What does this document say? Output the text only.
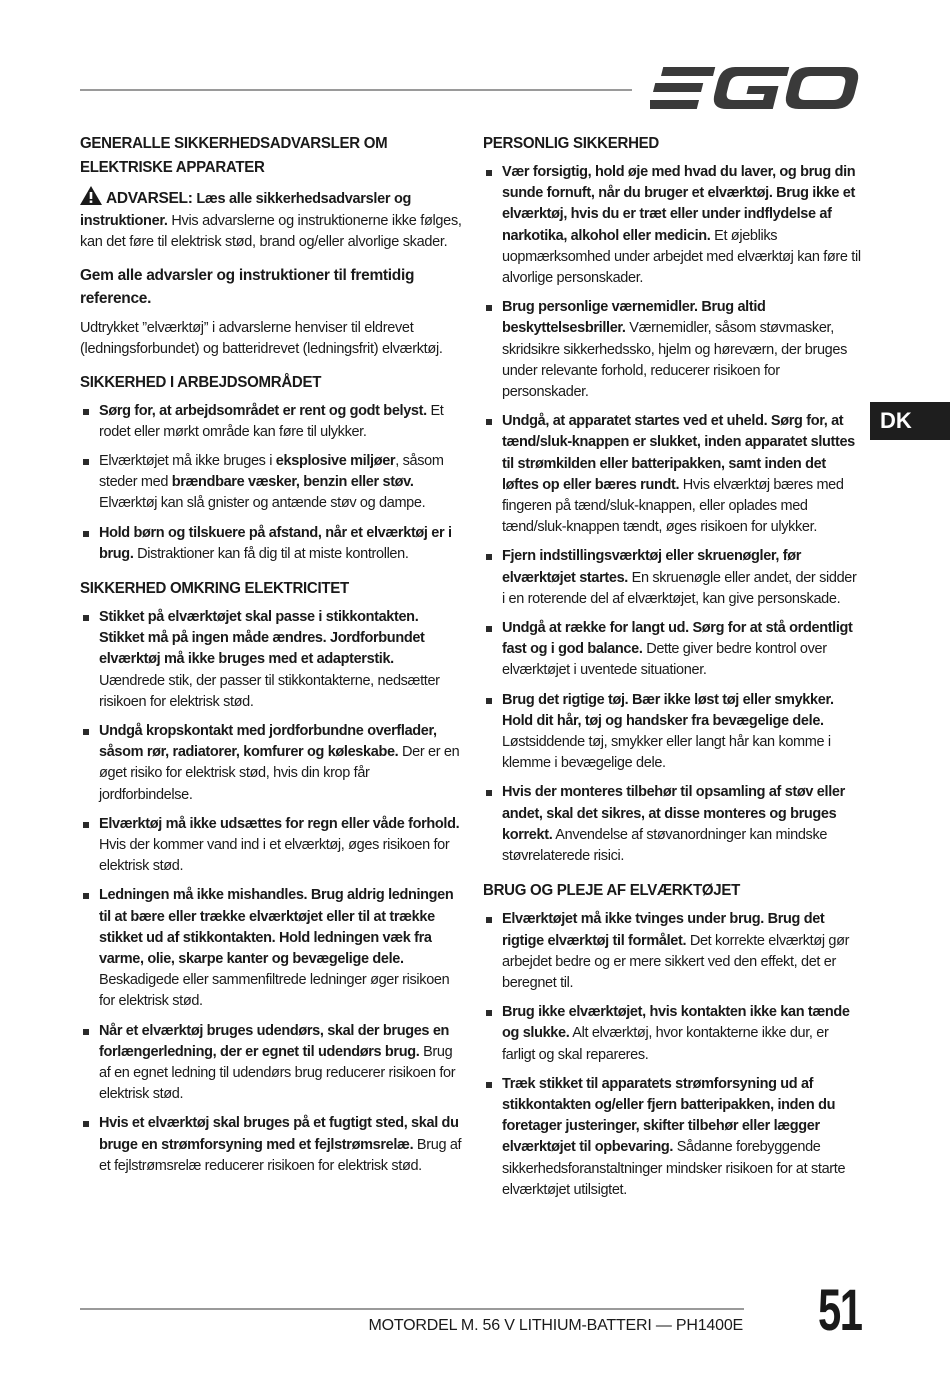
GENERALLE SIKKERHEDSADVARSLER OM ELEKTRISKE APPARATER

ADVARSEL: Læs alle sikkerhedsadvarsler og instruktioner. Hvis advarslerne og instruktionerne ikke følges, kan det føre til elektrisk stød, brand og/eller alvorlige skader.

Gem alle advarsler og instruktioner til fremtidig reference.

Udtrykket ”elværktøj” i advarslerne henviser til eldrevet (ledningsforbundet) og batteridrevet (ledningsfrit) elværktøj.

SIKKERHED I ARBEJDSOMRÅDET
Sørg for, at arbejdsområdet er rent og godt belyst. Et rodet eller mørkt område kan føre til ulykker.
Elværktøjet må ikke bruges i eksplosive miljøer, såsom steder med brændbare væsker, benzin eller støv. Elværktøj kan slå gnister og antænde støv og dampe.
Hold børn og tilskuere på afstand, når et elværktøj er i brug. Distraktioner kan få dig til at miste kontrollen.
SIKKERHED OMKRING ELEKTRICITET
Stikket på elværktøjet skal passe i stikkontakten. Stikket må på ingen måde ændres. Jordforbundet elværktøj må ikke bruges med et adapterstik. Uændrede stik, der passer til stikkontakterne, nedsætter risikoen for elektrisk stød.
Undgå kropskontakt med jordforbundne overflader, såsom rør, radiatorer, komfurer og køleskabe. Der er en øget risiko for elektrisk stød, hvis din krop får jordforbindelse.
Elværktøj må ikke udsættes for regn eller våde forhold. Hvis der kommer vand ind i et elværktøj, øges risikoen for elektrisk stød.
Ledningen må ikke mishandles. Brug aldrig ledningen til at bære eller trække elværktøjet eller til at trække stikket ud af stikkontakten. Hold ledningen væk fra varme, olie, skarpe kanter og bevægelige dele. Beskadigede eller sammenfiltrede ledninger øger risikoen for elektrisk stød.
Når et elværktøj bruges udendørs, skal der bruges en forlængerledning, der er egnet til udendørs brug. Brug af en egnet ledning til udendørs brug reducerer risikoen for elektrisk stød.
Hvis et elværktøj skal bruges på et fugtigt sted, skal du bruge en strømforsyning med et fejlstrømsrelæ. Brug af et fejlstrømsrelæ reducerer risikoen for elektrisk stød.
PERSONLIG SIKKERHED
Vær forsigtig, hold øje med hvad du laver, og brug din sunde fornuft, når du bruger et elværktøj. Brug ikke et elværktøj, hvis du er træt eller under indflydelse af narkotika, alkohol eller medicin. Et øjebliks uopmærksomhed under arbejdet med elværktøj kan føre til alvorlige personskader.
Brug personlige værnemidler. Brug altid beskyttelsesbriller. Værnemidler, såsom støvmasker, skridsikre sikkerhedssko, hjelm og høreværn, der bruges under relevante forhold, reducerer risikoen for personskader.
Undgå, at apparatet startes ved et uheld. Sørg for, at tænd/sluk-knappen er slukket, inden apparatet sluttes til strømkilden eller batteripakken, samt inden det løftes op eller bæres rundt. Hvis elværktøj bæres med fingeren på tænd/sluk-knappen, eller oplades med tænd/sluk-knappen tændt, øges risikoen for ulykker.
Fjern indstillingsværktøj eller skruenøgler, før elværktøjet startes. En skruenøgle eller andet, der sidder i en roterende del af elværktøjet, kan give personskade.
Undgå at række for langt ud. Sørg for at stå ordentligt fast og i god balance. Dette giver bedre kontrol over elværktøjet i uventede situationer.
Brug det rigtige tøj. Bær ikke løst tøj eller smykker. Hold dit hår, tøj og handsker fra bevægelige dele. Løstsiddende tøj, smykker eller langt hår kan komme i klemme i bevægelige dele.
Hvis der monteres tilbehør til opsamling af støv eller andet, skal det sikres, at disse monteres og bruges korrekt. Anvendelse af støvanordninger kan mindske støvrelaterede risici.
BRUG OG PLEJE AF ELVÆRKTØJET
Elværktøjet må ikke tvinges under brug. Brug det rigtige elværktøj til formålet. Det korrekte elværktøj gør arbejdet bedre og er mere sikkert ved den effekt, det er beregnet til.
Brug ikke elværktøjet, hvis kontakten ikke kan tænde og slukke. Alt elværktøj, hvor kontakterne ikke dur, er farligt og skal repareres.
Træk stikket til apparatets strømforsyning ud af stikkontakten og/eller fjern batteripakken, inden du foretager justeringer, skifter tilbehør eller lægger elværktøjet til opbevaring. Sådanne forebyggende sikkerhedsforanstaltninger mindsker risikoen for at starte elværktøjet utilsigtet.
DK
MOTORDEL M. 56 V LITHIUM-BATTERI — PH1400E 51
